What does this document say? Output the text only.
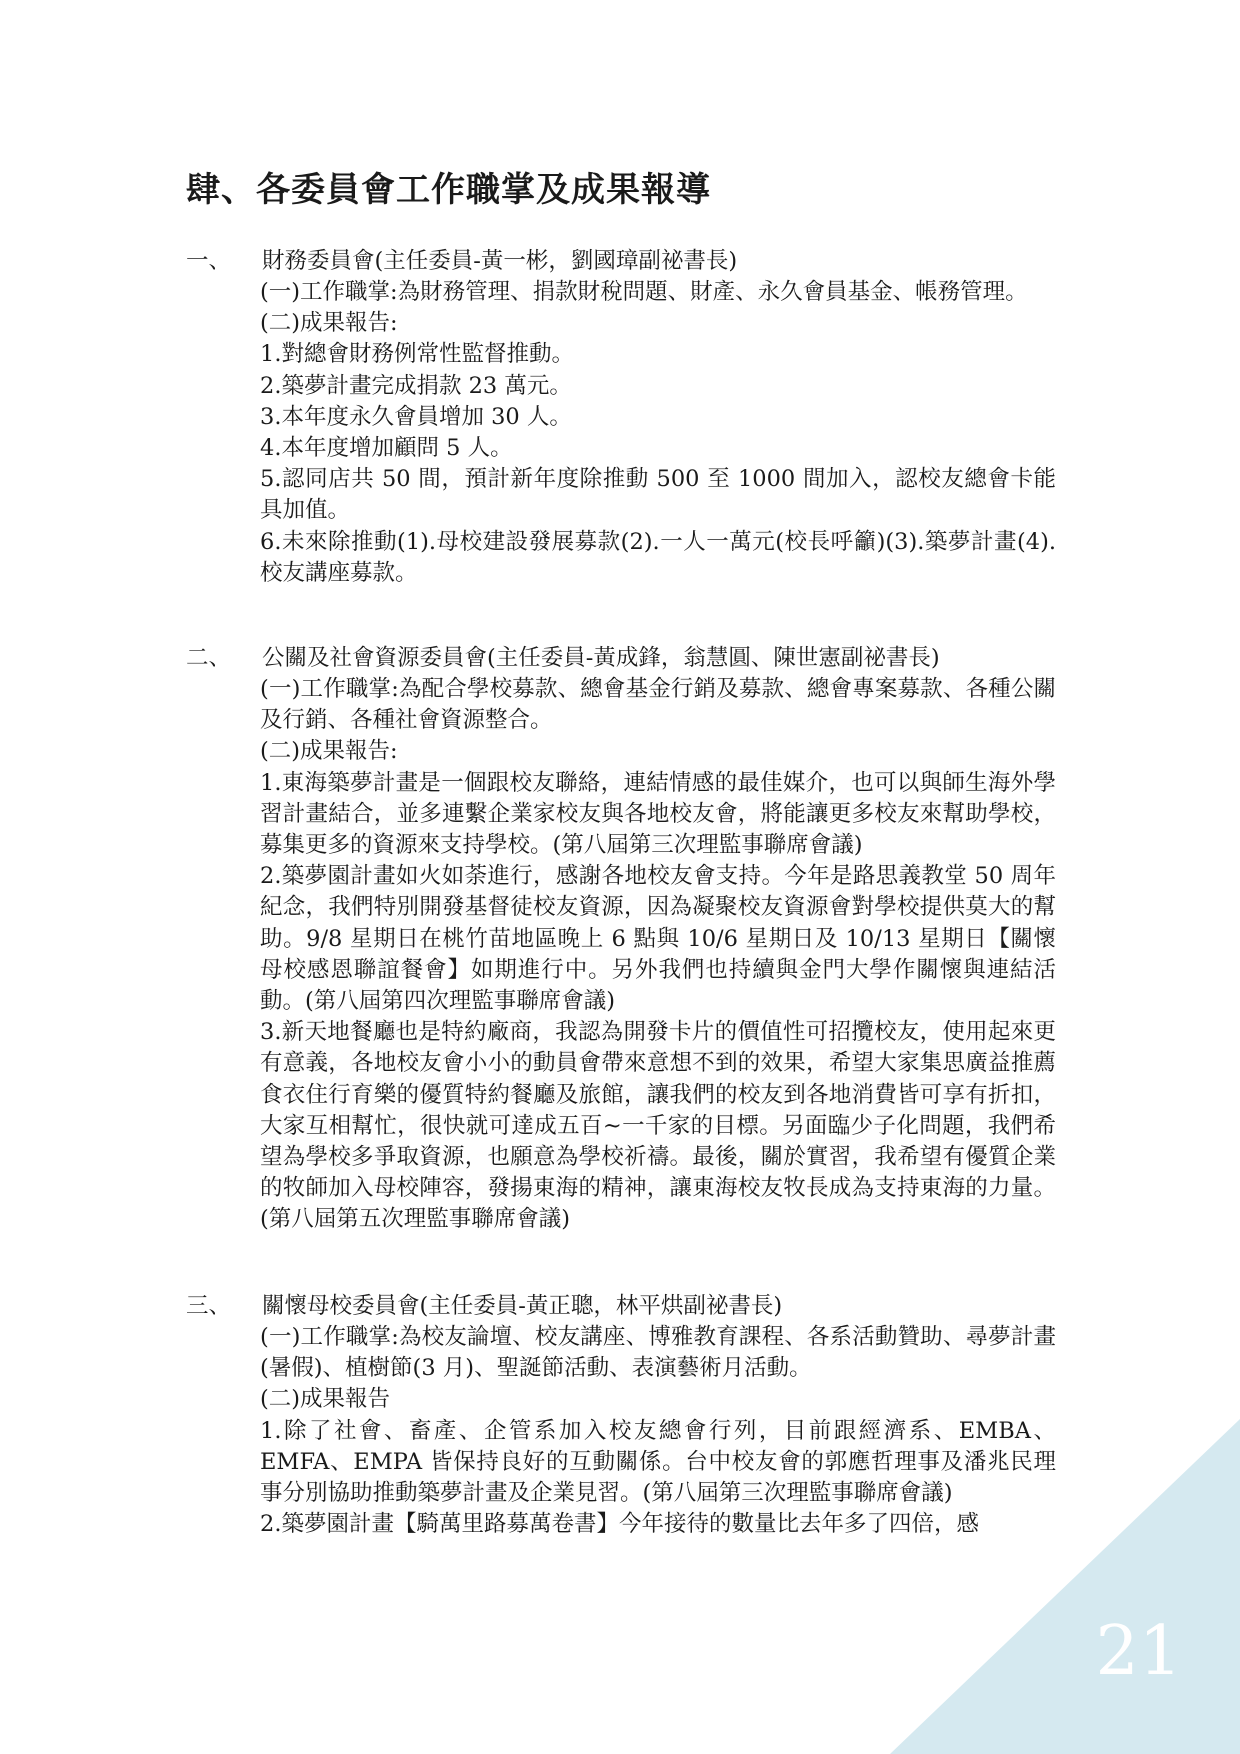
21
肆、各委員會工作職掌及成果報導
一、	財務委員會(主任委員-黃一彬，劉國璋副祕書長)

(一)工作職掌:為財務管理、捐款財稅問題、財產、永久會員基金、帳務管理。

(二)成果報告:

1.對總會財務例常性監督推動。

2.築夢計畫完成捐款 23 萬元。

3.本年度永久會員增加 30 人。

4.本年度增加顧問 5 人。

5.認同店共 50 間，預計新年度除推動 500 至 1000 間加入，認校友總會卡能具加值。

6.未來除推動(1).母校建設發展募款(2).一人一萬元(校長呼籲)(3).築夢計畫(4).校友講座募款。

二、	公關及社會資源委員會(主任委員-黃成鋒，翁慧圓、陳世憲副祕書長)

(一)工作職掌:為配合學校募款、總會基金行銷及募款、總會專案募款、各種公關及行銷、各種社會資源整合。

(二)成果報告:

1.東海築夢計畫是一個跟校友聯絡，連結情感的最佳媒介，也可以與師生海外學習計畫結合，並多連繫企業家校友與各地校友會，將能讓更多校友來幫助學校，募集更多的資源來支持學校。(第八屆第三次理監事聯席會議)

2.築夢園計畫如火如荼進行，感謝各地校友會支持。今年是路思義教堂 50 周年紀念，我們特別開發基督徒校友資源，因為凝聚校友資源會對學校提供莫大的幫助。9/8 星期日在桃竹苗地區晚上 6 點與 10/6 星期日及 10/13 星期日【關懷母校感恩聯誼餐會】如期進行中。另外我們也持續與金門大學作關懷與連結活動。(第八屆第四次理監事聯席會議)

3.新天地餐廳也是特約廠商，我認為開發卡片的價值性可招攬校友，使用起來更有意義，各地校友會小小的動員會帶來意想不到的效果，希望大家集思廣益推薦食衣住行育樂的優質特約餐廳及旅館，讓我們的校友到各地消費皆可享有折扣，大家互相幫忙，很快就可達成五百~一千家的目標。另面臨少子化問題，我們希望為學校多爭取資源，也願意為學校祈禱。最後，關於實習，我希望有優質企業的牧師加入母校陣容，發揚東海的精神，讓東海校友牧長成為支持東海的力量。(第八屆第五次理監事聯席會議)

三、	關懷母校委員會(主任委員-黃正聰，林平烘副祕書長)

(一)工作職掌:為校友論壇、校友講座、博雅教育課程、各系活動贊助、尋夢計畫(暑假)、植樹節(3 月)、聖誕節活動、表演藝術月活動。

(二)成果報告

1.除了社會、畜產、企管系加入校友總會行列，目前跟經濟系、EMBA、EMFA、EMPA 皆保持良好的互動關係。台中校友會的郭應哲理事及潘兆民理事分別協助推動築夢計畫及企業見習。(第八屆第三次理監事聯席會議)

2.築夢園計畫【騎萬里路募萬卷書】今年接待的數量比去年多了四倍，感
